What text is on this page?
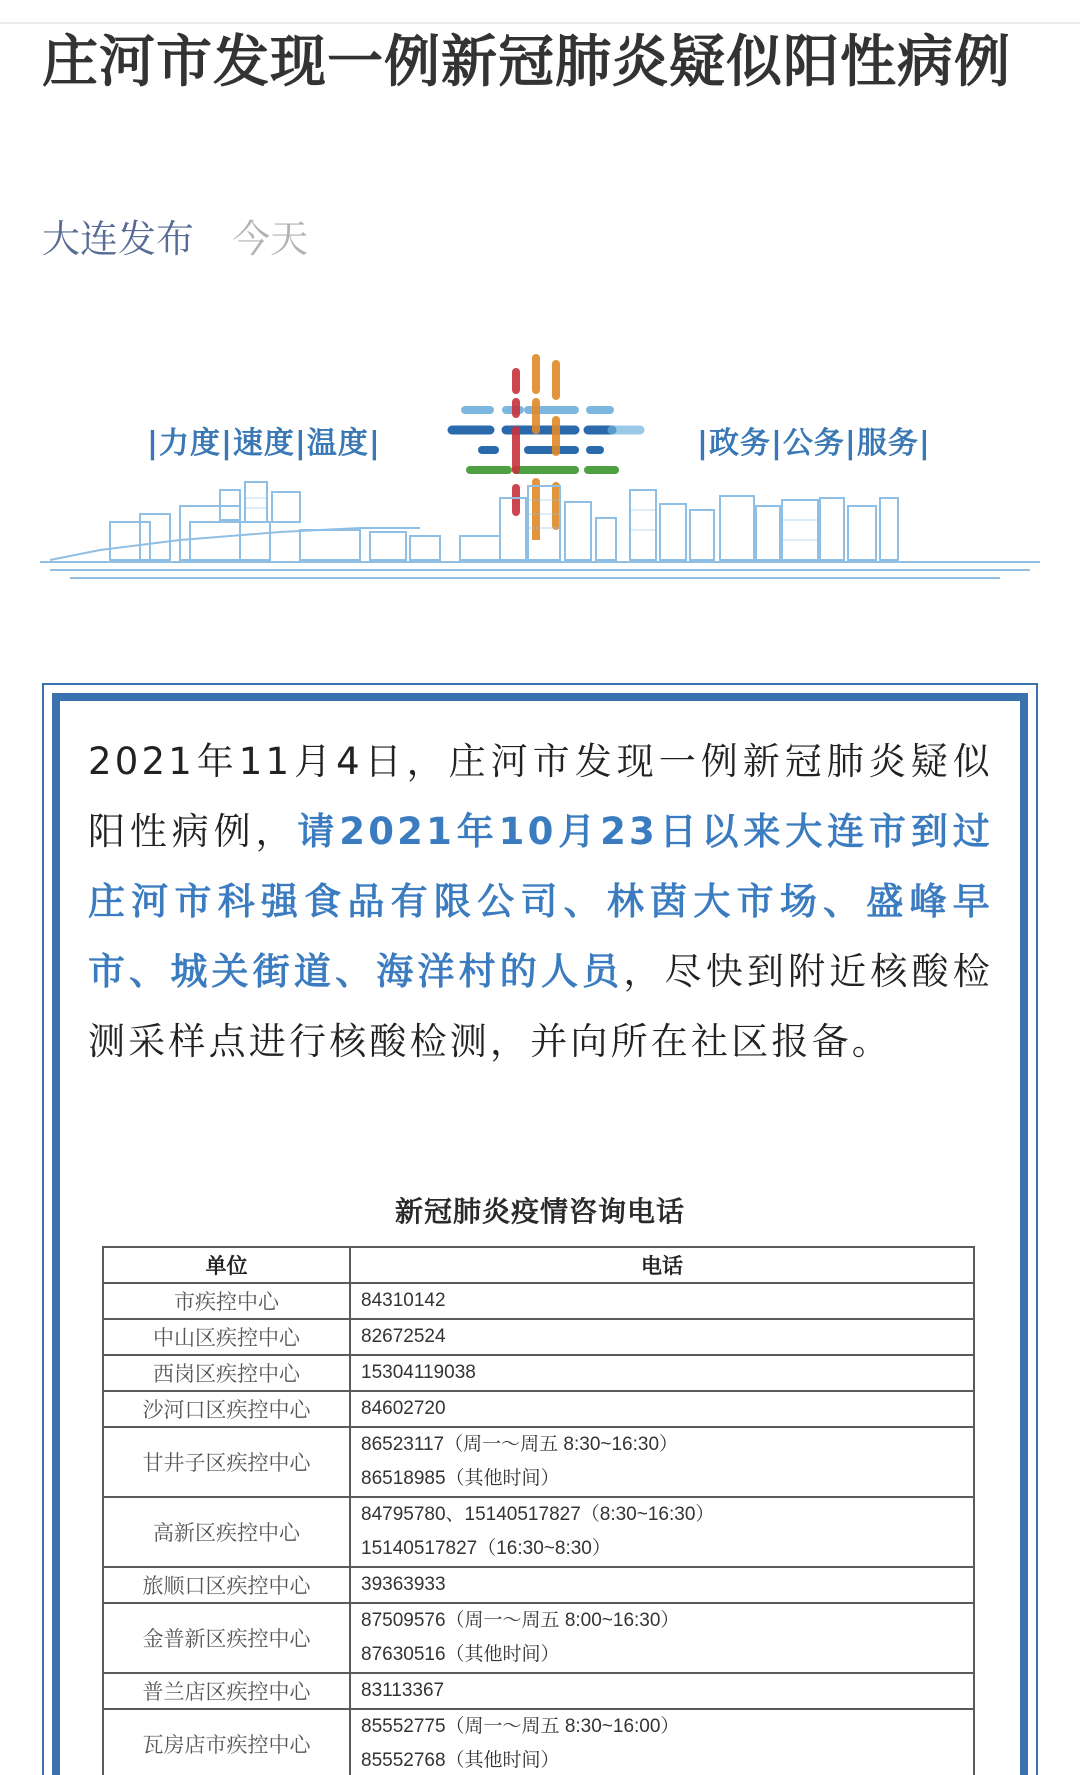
庄河市发现一例新冠肺炎疑似阳性病例
大连发布 今天
|力度|速度|温度|	|政务|公务|服务|

2021年11月4日，庄河市发现一例新冠肺炎疑似阳性病例，请2021年10月23日以来大连市到过庄河市科强食品有限公司、林茵大市场、盛峰早市、城关街道、海洋村的人员，尽快到附近核酸检测采样点进行核酸检测，并向所在社区报备。

新冠肺炎疫情咨询电话
单位	电话
市疾控中心	84310142

中山区疾控中心	82672524

西岗区疾控中心	15304119038

沙河口区疾控中心	84602720

甘井子区疾控中心	86523117（周一～周五 8:30~16:30）
86518985（其他时间）

高新区疾控中心	84795780、15140517827（8:30~16:30）
15140517827（16:30~8:30）

旅顺口区疾控中心	39363933

金普新区疾控中心	87509576（周一～周五 8:00~16:30）
87630516（其他时间）

普兰店区疾控中心	83113367

瓦房店市疾控中心	85552775（周一～周五 8:30~16:00）
85552768（其他时间）
